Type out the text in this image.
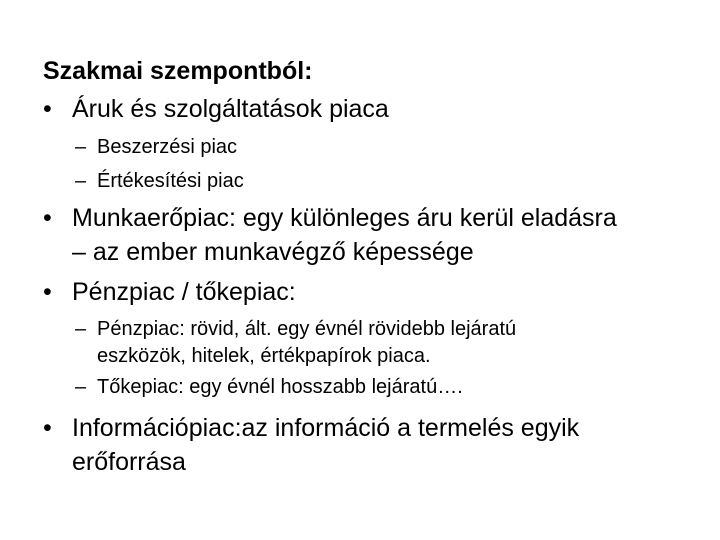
Szakmai szempontból:
• Áruk és szolgáltatások piaca
– Beszerzési piac
– Értékesítési piac
• Munkaerőpiac: egy különleges áru kerül eladásra
– az ember munkavégző képessége
• Pénzpiac / tőkepiac:
– Pénzpiac: rövid, ált. egy évnél rövidebb lejáratú
eszközök, hitelek, értékpapírok piaca.
– Tőkepiac: egy évnél hosszabb lejáratú….
• Információpiac:az információ a termelés egyik
erőforrása
